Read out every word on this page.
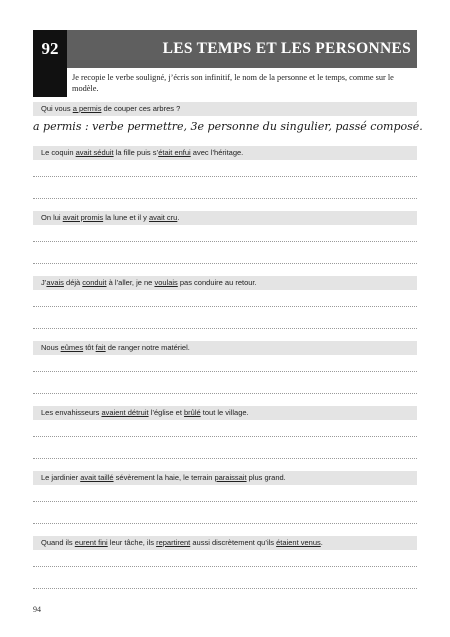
92	LES TEMPS ET LES PERSONNES
Je recopie le verbe souligné, j’écris son infinitif, le nom de la personne et le temps, comme sur le modèle.
Qui vous a permis de couper ces arbres ?
a permis : verbe permettre, 3e personne du singulier, passé composé.
Le coquin avait séduit la fille puis s’était enfui avec l’héritage.
On lui avait promis la lune et il y avait cru.
J’avais déjà conduit à l’aller, je ne voulais pas conduire au retour.
Nous eûmes tôt fait de ranger notre matériel.
Les envahisseurs avaient détruit l’église et brûlé tout le village.
Le jardinier avait taillé sévèrement la haie, le terrain paraissait plus grand.
Quand ils eurent fini leur tâche, ils repartirent aussi discrètement qu’ils étaient venus.
94
